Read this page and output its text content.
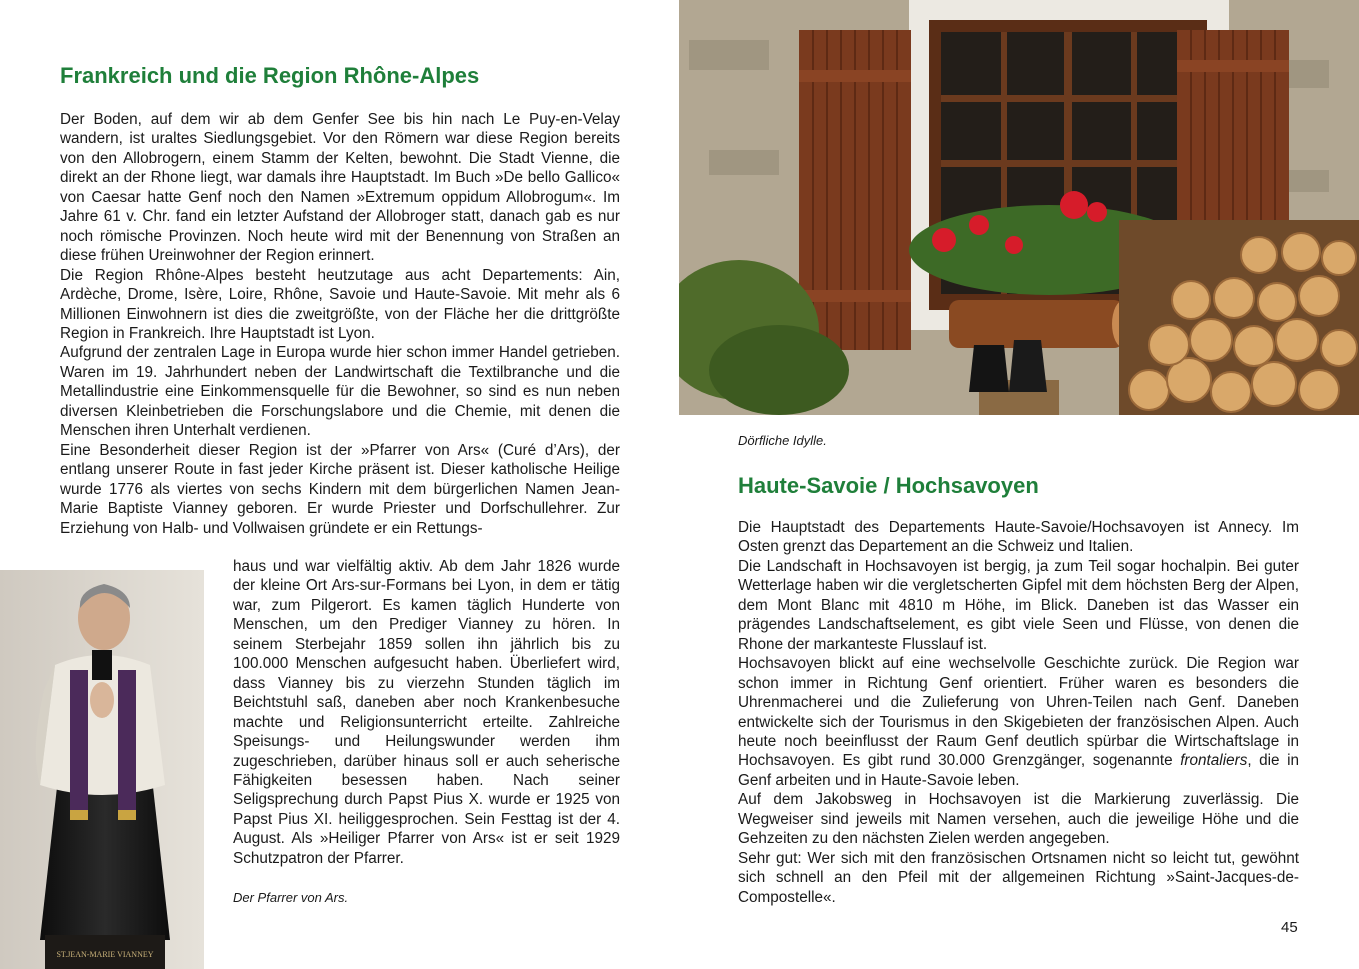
Frankreich und die Region Rhône-Alpes

Der Boden, auf dem wir ab dem Genfer See bis hin nach Le Puy-en-Velay wandern, ist uraltes Siedlungsgebiet. Vor den Römern war diese Region bereits von den Allobrogern, einem Stamm der Kelten, bewohnt. Die Stadt Vienne, die direkt an der Rhone liegt, war damals ihre Hauptstadt. Im Buch »De bello Gallico« von Caesar hatte Genf noch den Namen »Extremum oppidum Allobrogum«. Im Jahre 61 v. Chr. fand ein letzter Aufstand der Allobroger statt, danach gab es nur noch römische Provinzen. Noch heute wird mit der Benennung von Straßen an diese frühen Ureinwohner der Region erinnert.

Die Region Rhône-Alpes besteht heutzutage aus acht Departements: Ain, Ardèche, Drome, Isère, Loire, Rhône, Savoie und Haute-Savoie. Mit mehr als 6 Millionen Einwohnern ist dies die zweitgrößte, von der Fläche her die drittgrößte Region in Frankreich. Ihre Hauptstadt ist Lyon.

Aufgrund der zentralen Lage in Europa wurde hier schon immer Handel getrieben. Waren im 19. Jahrhundert neben der Landwirtschaft die Textilbranche und die Metallindustrie eine Einkommensquelle für die Bewohner, so sind es nun neben diversen Kleinbetrieben die Forschungslabore und die Chemie, mit denen die Menschen ihren Unterhalt verdienen.

Eine Besonderheit dieser Region ist der »Pfarrer von Ars« (Curé d’Ars), der entlang unserer Route in fast jeder Kirche präsent ist. Dieser katholische Heilige wurde 1776 als viertes von sechs Kindern mit dem bürgerlichen Namen Jean-Marie Baptiste Vianney geboren. Er wurde Priester und Dorfschullehrer. Zur Erziehung von Halb- und Vollwaisen gründete er ein Rettungs-

haus und war vielfältig aktiv. Ab dem Jahr 1826 wurde der kleine Ort Ars-sur-Formans bei Lyon, in dem er tätig war, zum Pilgerort. Es kamen täglich Hunderte von Menschen, um den Prediger Vianney zu hören. In seinem Sterbejahr 1859 sollen ihn jährlich bis zu 100.000 Menschen aufgesucht haben. Überliefert wird, dass Vianney bis zu vierzehn Stunden täglich im Beichtstuhl saß, daneben aber noch Krankenbesuche machte und Religionsunterricht erteilte. Zahlreiche Speisungs- und Heilungswunder werden ihm zugeschrieben, darüber hinaus soll er auch seherische Fähigkeiten besessen haben. Nach seiner Seligsprechung durch Papst Pius X. wurde er 1925 von Papst Pius XI. heiliggesprochen. Sein Festtag ist der 4. August. Als »Heiliger Pfarrer von Ars« ist er seit 1929 Schutzpatron der Pfarrer.

Der Pfarrer von Ars.
ST.JEAN-MARIE VIANNEY
Dörfliche Idylle.
Haute-Savoie / Hochsavoyen

Die Hauptstadt des Departements Haute-Savoie/Hochsavoyen ist Annecy. Im Osten grenzt das Departement an die Schweiz und Italien.

Die Landschaft in Hochsavoyen ist bergig, ja zum Teil sogar hochalpin. Bei guter Wetterlage haben wir die vergletscherten Gipfel mit dem höchsten Berg der Alpen, dem Mont Blanc mit 4810 m Höhe, im Blick. Daneben ist das Wasser ein prägendes Landschaftselement, es gibt viele Seen und Flüsse, von denen die Rhone der markanteste Flusslauf ist.

Hochsavoyen blickt auf eine wechselvolle Geschichte zurück. Die Region war schon immer in Richtung Genf orientiert. Früher waren es besonders die Uhrenmacherei und die Zulieferung von Uhren-Teilen nach Genf. Daneben entwickelte sich der Tourismus in den Skigebieten der französischen Alpen. Auch heute noch beeinflusst der Raum Genf deutlich spürbar die Wirtschaftslage in Hochsavoyen. Es gibt rund 30.000 Grenzgänger, sogenannte frontaliers, die in Genf arbeiten und in Haute-Savoie leben.

Auf dem Jakobsweg in Hochsavoyen ist die Markierung zuverlässig. Die Wegweiser sind jeweils mit Namen versehen, auch die jeweilige Höhe und die Gehzeiten zu den nächsten Zielen werden angegeben.

Sehr gut: Wer sich mit den französischen Ortsnamen nicht so leicht tut, gewöhnt sich schnell an den Pfeil mit der allgemeinen Richtung »Saint-Jacques-de-Compostelle«.

45
